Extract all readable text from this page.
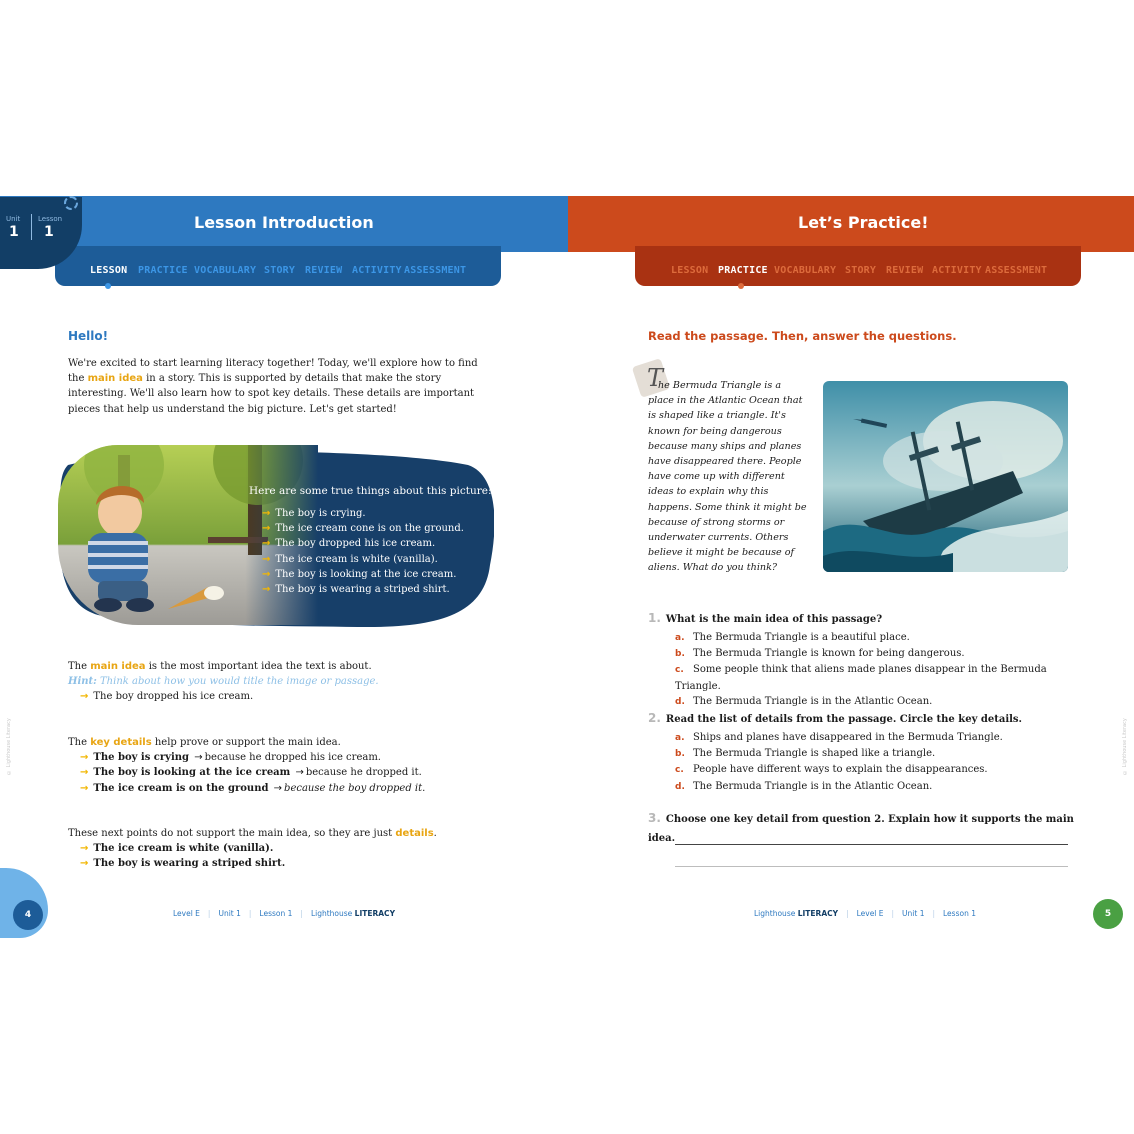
Lesson Introduction
LESSON PRACTICE VOCABULARY STORY REVIEW ACTIVITY ASSESSMENT
Unit
1
Lesson
1
Hello!

We're excited to start learning literacy together! Today, we'll explore how to find the main idea in a story. This is supported by details that make the story interesting. We'll also learn how to spot key details. These details are important pieces that help us understand the big picture. Let's get started!

Here are some true things about this picture:
→ The boy is crying.
→ The ice cream cone is on the ground.
→ The boy dropped his ice cream.
→ The ice cream is white (vanilla).
→ The boy is looking at the ice cream.
→ The boy is wearing a striped shirt.
The main idea is the most important idea the text is about.
Hint: Think about how you would title the image or passage.
→ The boy dropped his ice cream.
The key details help prove or support the main idea.
→ The boy is crying → because he dropped his ice cream.
→ The boy is looking at the ice cream → because he dropped it.
→ The ice cream is on the ground → because the boy dropped it.
These next points do not support the main idea, so they are just details.
→ The ice cream is white (vanilla).
→ The boy is wearing a striped shirt.
© Lighthouse Literacy
4	Level E | Unit 1 | Lesson 1 | Lighthouse LITERACY
Let’s Practice!
LESSON PRACTICE VOCABULARY STORY REVIEW ACTIVITY ASSESSMENT
Read the passage. Then, answer the questions.
T

he Bermuda Triangle is a place in the Atlantic Ocean that is shaped like a triangle. It's known for being dangerous because many ships and planes have disappeared there. People have come up with different ideas to explain why this happens. Some think it might be because of strong storms or underwater currents. Others believe it might be because of aliens. What do you think?

1. What is the main idea of this passage?
a. The Bermuda Triangle is a beautiful place.
b. The Bermuda Triangle is known for being dangerous.
c. Some people think that aliens made planes disappear in the Bermuda Triangle.
d. The Bermuda Triangle is in the Atlantic Ocean.
2. Read the list of details from the passage. Circle the key details.
a. Ships and planes have disappeared in the Bermuda Triangle.
b. The Bermuda Triangle is shaped like a triangle.
c. People have different ways to explain the disappearances.
d. The Bermuda Triangle is in the Atlantic Ocean.
3. Choose one key detail from question 2. Explain how it supports the main idea.
© Lighthouse Literacy
Lighthouse LITERACY | Level E | Unit 1 | Lesson 1	5
